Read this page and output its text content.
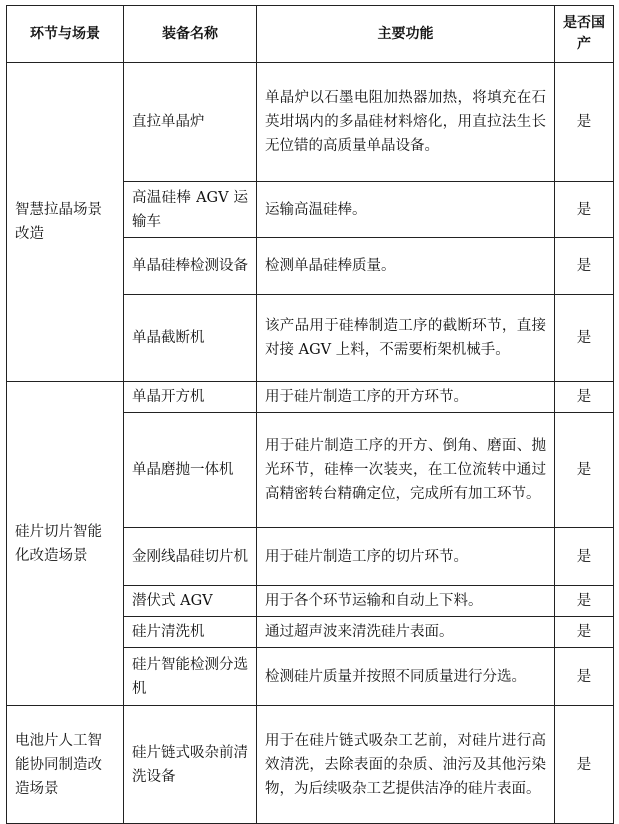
环节与场景	装备名称	主要功能	是否国产
智慧拉晶场景改造	直拉单晶炉	单晶炉以石墨电阻加热器加热，将填充在石英坩埚内的多晶硅材料熔化，用直拉法生长无位错的高质量单晶设备。	是
	高温硅棒 AGV 运输车	运输高温硅棒。	是
	单晶硅棒检测设备	检测单晶硅棒质量。	是
	单晶截断机	该产品用于硅棒制造工序的截断环节，直接对接 AGV 上料，不需要桁架机械手。	是
硅片切片智能化改造场景	单晶开方机	用于硅片制造工序的开方环节。	是
	单晶磨抛一体机	用于硅片制造工序的开方、倒角、磨面、抛光环节，硅棒一次装夹，在工位流转中通过高精密转台精确定位，完成所有加工环节。	是
	金刚线晶硅切片机	用于硅片制造工序的切片环节。	是
	潜伏式 AGV	用于各个环节运输和自动上下料。	是
	硅片清洗机	通过超声波来清洗硅片表面。	是
	硅片智能检测分选机	检测硅片质量并按照不同质量进行分选。	是
电池片人工智能协同制造改造场景	硅片链式吸杂前清洗设备	用于在硅片链式吸杂工艺前，对硅片进行高效清洗，去除表面的杂质、油污及其他污染物，为后续吸杂工艺提供洁净的硅片表面。	是
